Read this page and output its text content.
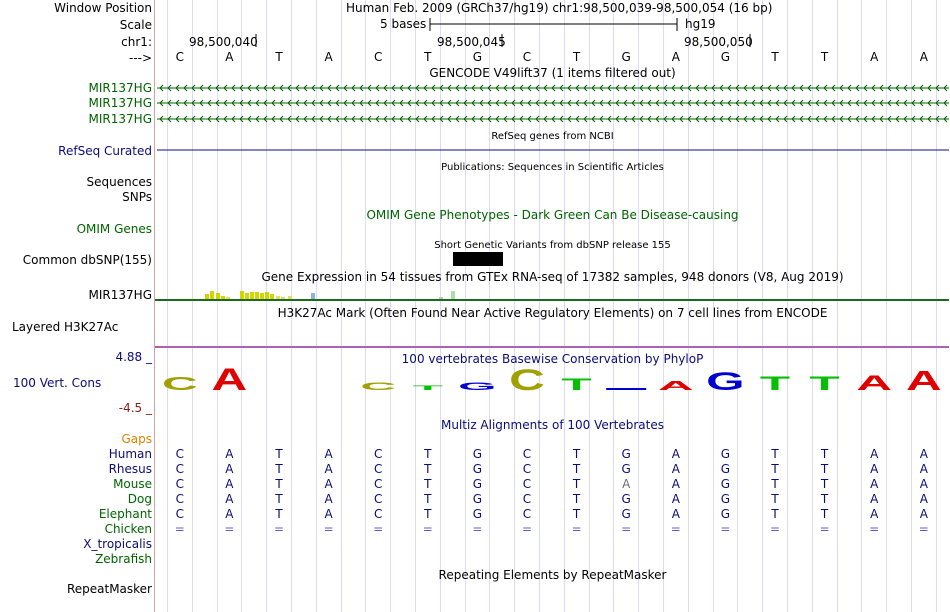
Window Position	Human Feb. 2009 (GRCh37/hg19) chr1:98,500,039-98,500,054 (16 bp)
Scale	5 bases	hg19
chr1:	98,500,040	98,500,045	98,500,050
--->	C	A	T	A	C	T	G	C	T	G	A	G	T	T	A	A
GENCODE V49lift37 (1 items filtered out)
MIR137HG
MIR137HG
MIR137HG
RefSeq genes from NCBI
RefSeq Curated
Publications: Sequences in Scientific Articles
Sequences
SNPs
OMIM Gene Phenotypes - Dark Green Can Be Disease-causing
OMIM Genes
Short Genetic Variants from dbSNP release 155
Common dbSNP(155)
Gene Expression in 54 tissues from GTEx RNA-seq of 17382 samples, 948 donors (V8, Aug 2019)
MIR137HG
H3K27Ac Mark (Often Found Near Active Regulatory Elements) on 7 cell lines from ENCODE
Layered H3K27Ac
100 vertebrates Basewise Conservation by PhyloP
4.88 _
100 Vert. Cons
-4.5 _
Multiz Alignments of 100 Vertebrates
Gaps
Human	C	A	T	A	C	T	G	C	T	G	A	G	T	T	A	A
Rhesus	C	A	T	A	C	T	G	C	T	G	A	G	T	T	A	A
Mouse	C	A	T	A	C	T	G	C	T	A	A	G	T	T	A	A
Dog	C	A	T	A	C	T	G	C	T	G	A	G	T	T	A	A
Elephant	C	A	T	A	C	T	G	C	T	G	A	G	T	T	A	A
Chicken	=	=	=	=	=	=	=	=	=	=	=	=	=	=	=	=
X_tropicalis
Zebrafish
Repeating Elements by RepeatMasker
RepeatMasker
C A	C T G C T	A G T T A A
